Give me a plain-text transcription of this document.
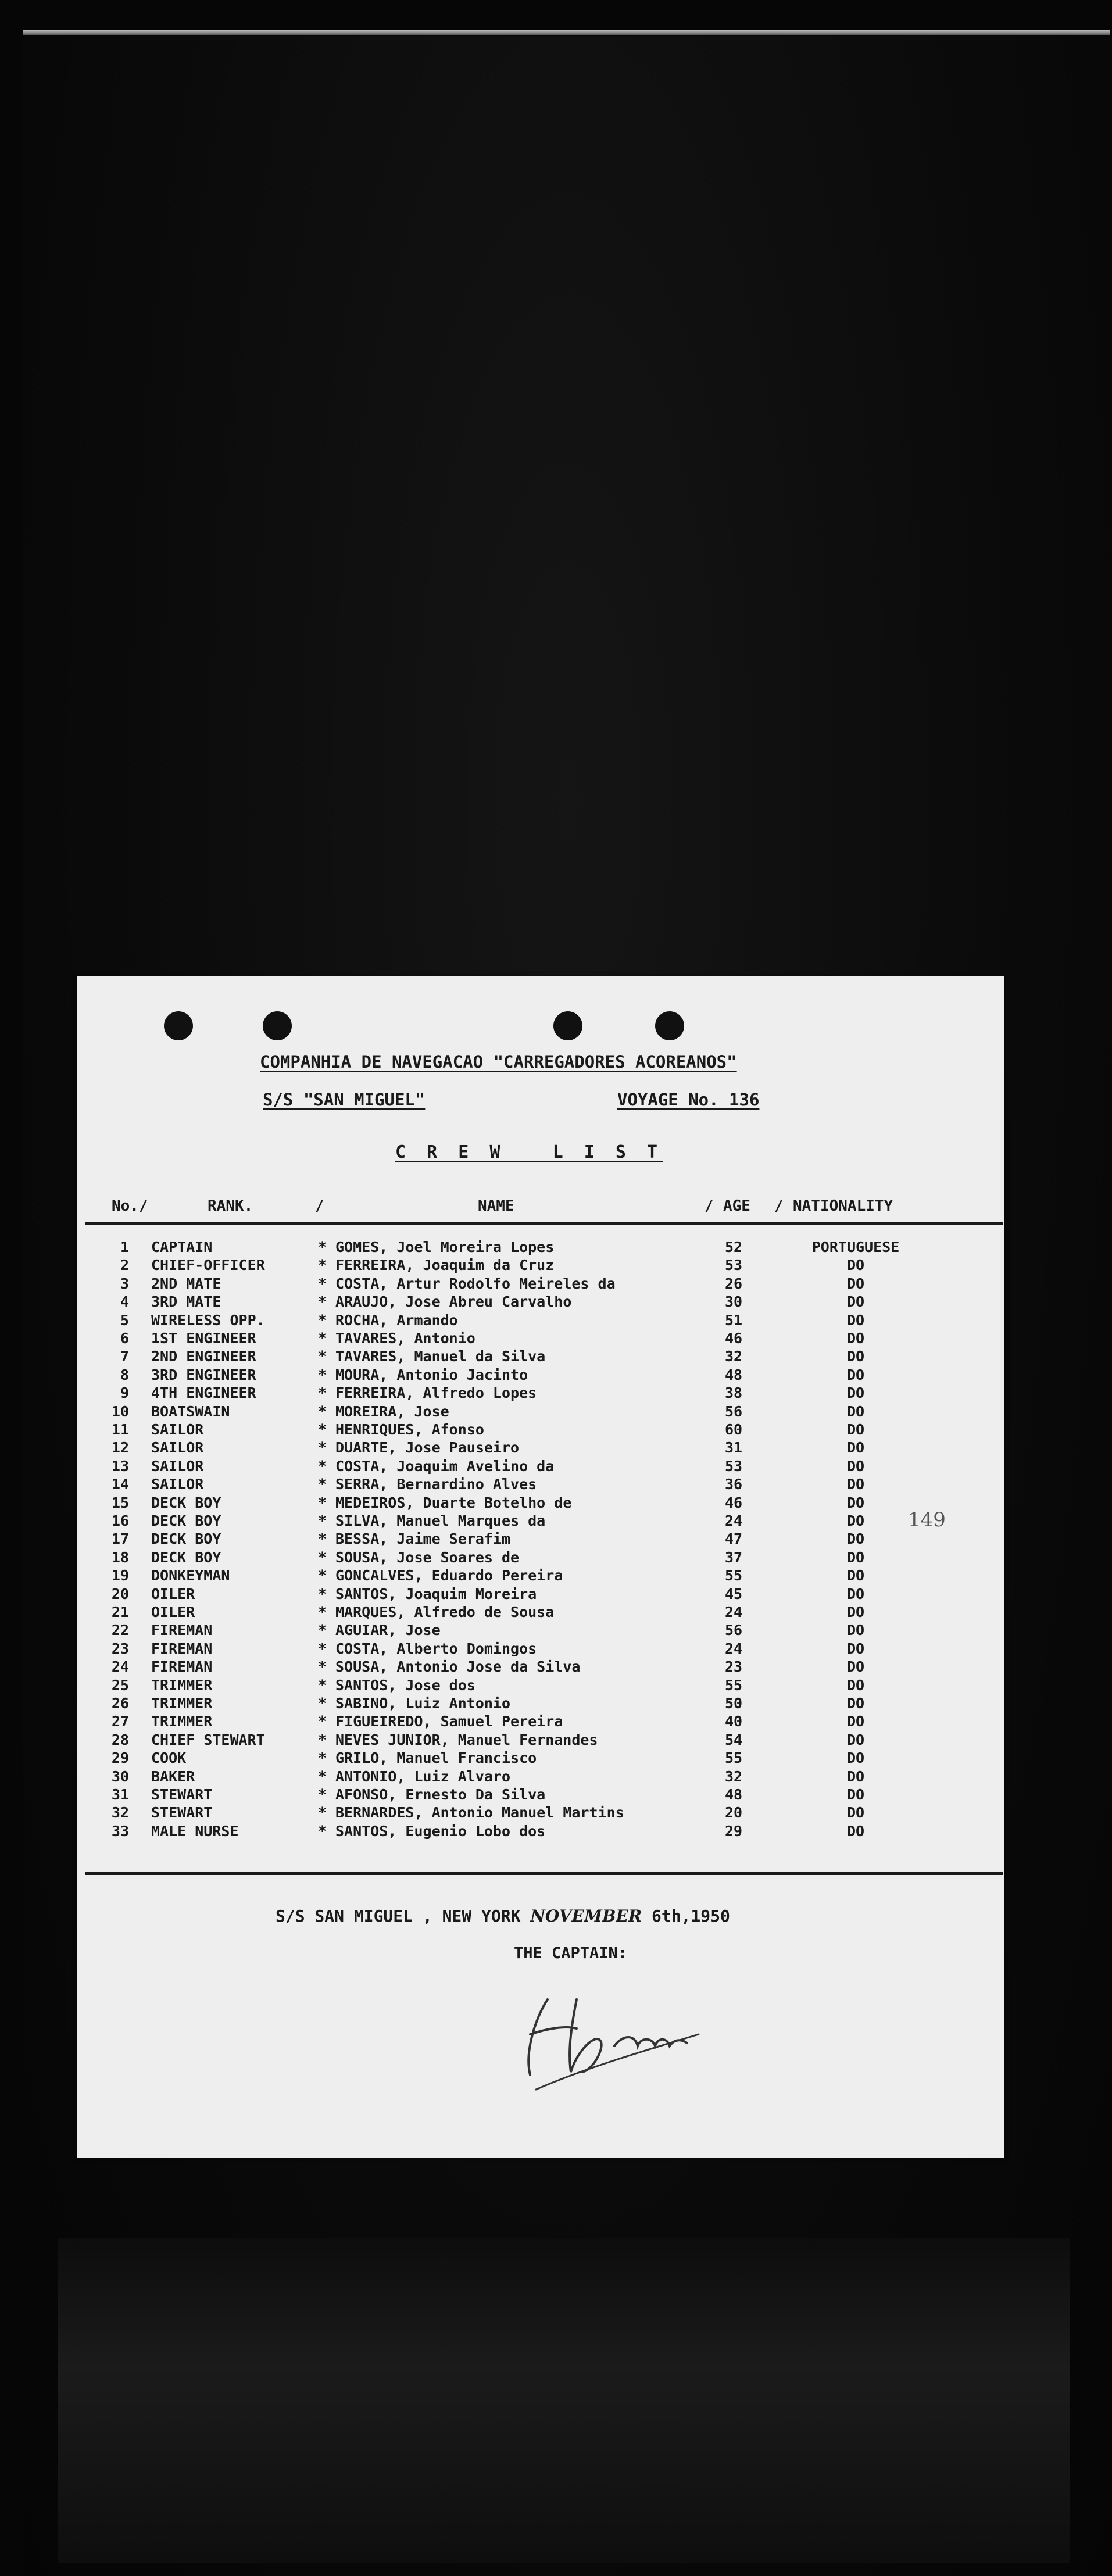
COMPANHIA DE NAVEGACAO "CARREGADORES ACOREANOS"
S/S "SAN MIGUEL"	VOYAGE No. 136
C R E W   L I S T
No./	RANK.	/	NAME	/ AGE / NATIONALITY
1 CAPTAIN	* GOMES, Joel Moreira Lopes	52	PORTUGUESE
2 CHIEF-OFFICER	* FERREIRA, Joaquim da Cruz	53	DO
3 2ND MATE	* COSTA, Artur Rodolfo Meireles da	26	DO
4 3RD MATE	* ARAUJO, Jose Abreu Carvalho	30	DO
5 WIRELESS OPP.	* ROCHA, Armando	51	DO
6 1ST ENGINEER	* TAVARES, Antonio	46	DO
7 2ND ENGINEER	* TAVARES, Manuel da Silva	32	DO
8 3RD ENGINEER	* MOURA, Antonio Jacinto	48	DO
9 4TH ENGINEER	* FERREIRA, Alfredo Lopes	38	DO
10 BOATSWAIN	* MOREIRA, Jose	56	DO
11 SAILOR	* HENRIQUES, Afonso	60	DO
12 SAILOR	* DUARTE, Jose Pauseiro	31	DO
13 SAILOR	* COSTA, Joaquim Avelino da	53	DO
14 SAILOR	* SERRA, Bernardino Alves	36	DO
15 DECK BOY	* MEDEIROS, Duarte Botelho de	46	DO
16 DECK BOY	* SILVA, Manuel Marques da	24	DO
17 DECK BOY	* BESSA, Jaime Serafim	47	DO
18 DECK BOY	* SOUSA, Jose Soares de	37	DO
19 DONKEYMAN	* GONCALVES, Eduardo Pereira	55	DO
20 OILER	* SANTOS, Joaquim Moreira	45	DO
21 OILER	* MARQUES, Alfredo de Sousa	24	DO
22 FIREMAN	* AGUIAR, Jose	56	DO
23 FIREMAN	* COSTA, Alberto Domingos	24	DO
24 FIREMAN	* SOUSA, Antonio Jose da Silva	23	DO
25 TRIMMER	* SANTOS, Jose dos	55	DO
26 TRIMMER	* SABINO, Luiz Antonio	50	DO
27 TRIMMER	* FIGUEIREDO, Samuel Pereira	40	DO
28 CHIEF STEWART	* NEVES JUNIOR, Manuel Fernandes	54	DO
29 COOK	* GRILO, Manuel Francisco	55	DO
30 BAKER	* ANTONIO, Luiz Alvaro	32	DO
31 STEWART	* AFONSO, Ernesto Da Silva	48	DO
32 STEWART	* BERNARDES, Antonio Manuel Martins	20	DO
33 MALE NURSE	* SANTOS, Eugenio Lobo dos	29	DO
149
S/S SAN MIGUEL , NEW YORK NOVEMBER 6th,1950
THE CAPTAIN:
